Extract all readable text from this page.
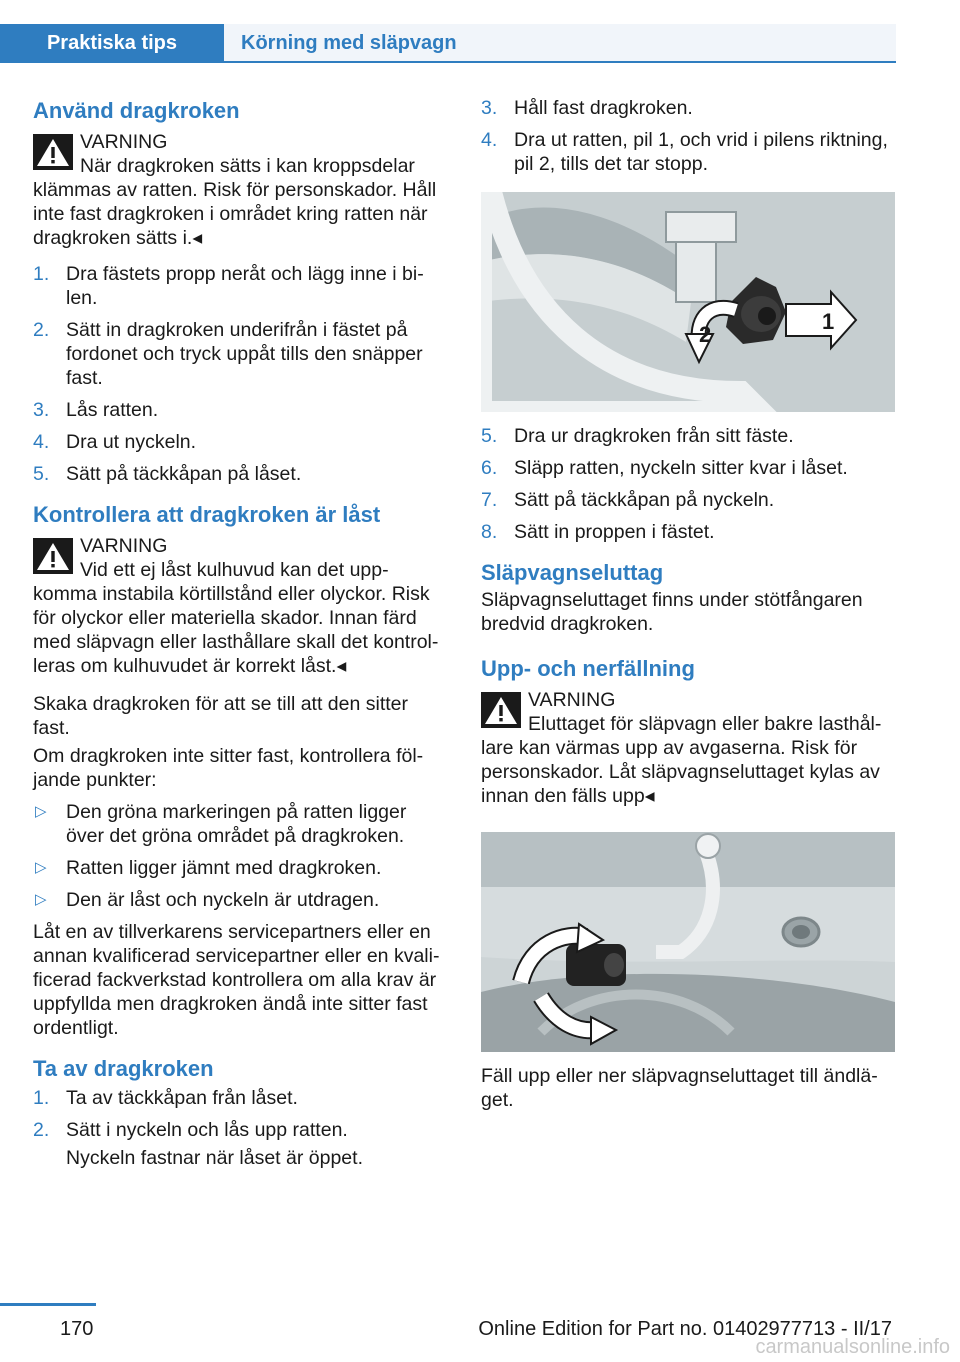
Praktiska tips	Körning med släpvagn
Använd dragkroken
VARNING
När dragkroken sätts i kan kroppsdelar

klämmas av ratten. Risk för personskador. Håll inte fast dragkroken i området kring ratten när dragkroken sätts i.◂

1. Dra fästets propp neråt och lägg inne i bilen.
2. Sätt in dragkroken underifrån i fästet på fordonet och tryck uppåt tills den snäpper fast.
3. Lås ratten.
4. Dra ut nyckeln.
5. Sätt på täckkåpan på låset.
Kontrollera att dragkroken är låst
VARNING
Vid ett ej låst kulhuvud kan det upp-

komma instabila körtillstånd eller olyckor. Risk för olyckor eller materiella skador. Innan färd med släpvagn eller lasthållare skall det kontrolleras om kulhuvudet är korrekt låst.◂

Skaka dragkroken för att se till att den sitter fast.

Om dragkroken inte sitter fast, kontrollera följande punkter:

▷ Den gröna markeringen på ratten ligger över det gröna området på dragkroken.
▷ Ratten ligger jämnt med dragkroken.
▷ Den är låst och nyckeln är utdragen.

Låt en av tillverkarens servicepartners eller en annan kvalificerad servicepartner eller en kvalificerad fackverkstad kontrollera om alla krav är uppfyllda men dragkroken ändå inte sitter fast ordentligt.

Ta av dragkroken
1. Ta av täckkåpan från låset.
2. Sätt i nyckeln och lås upp ratten.

Nyckeln fastnar när låset är öppet.

3. Håll fast dragkroken.
4. Dra ut ratten, pil 1, och vrid i pilens riktning, pil 2, tills det tar stopp.
1
2
5. Dra ur dragkroken från sitt fäste.
6. Släpp ratten, nyckeln sitter kvar i låset.
7. Sätt på täckkåpan på nyckeln.
8. Sätt in proppen i fästet.
Släpvagnseluttag

Släpvagnseluttaget finns under stötfångaren bredvid dragkroken.

Upp- och nerfällning
VARNING
Eluttaget för släpvagn eller bakre lasthål-

lare kan värmas upp av avgaserna. Risk för personskador. Låt släpvagnseluttaget kylas av innan den fälls upp◂

Fäll upp eller ner släpvagnseluttaget till ändläget.

170	Online Edition for Part no. 01402977713 - II/17
carmanualsonline.info
